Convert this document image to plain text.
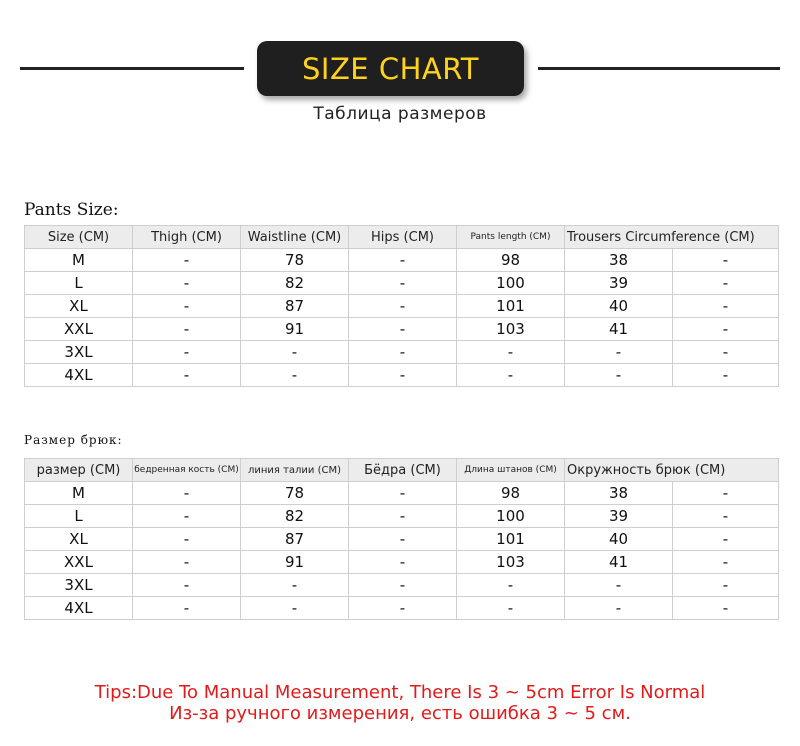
SIZE CHART
Таблица размеров
Pants Size:
Size (CM)	Thigh (CM)	Waistline (CM)	Hips (CM)	Pants length (CM)	Trousers Circumference (CM)	
M	-	78	-	98	38	-
L	-	82	-	100	39	-
XL	-	87	-	101	40	-
XXL	-	91	-	103	41	-
3XL	-	-	-	-	-	-
4XL	-	-	-	-	-	-
Размер брюк:
размер (CM)	бедренная кость (CM)	линия талии (CM)	Бёдра (CM)	Длина штанов (CM)	Окружность брюк (CM)	
M	-	78	-	98	38	-
L	-	82	-	100	39	-
XL	-	87	-	101	40	-
XXL	-	91	-	103	41	-
3XL	-	-	-	-	-	-
4XL	-	-	-	-	-	-
Tips:Due To Manual Measurement, There Is 3 ~ 5cm Error Is Normal
Из-за ручного измерения, есть ошибка 3 ~ 5 см.
